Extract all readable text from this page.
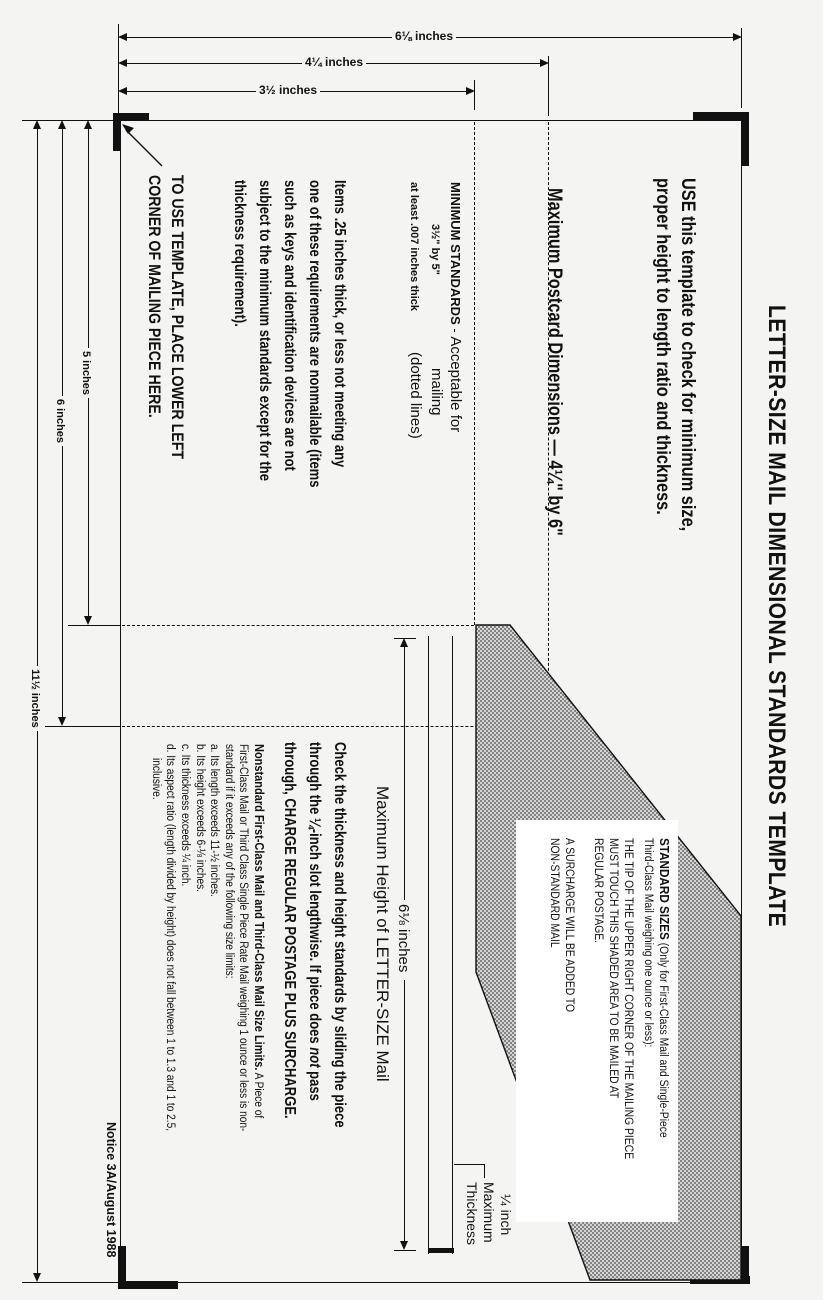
6⅛ inches
4¼ inches
3½ inches
5 inches
6 inches
11½ inches	LETTER-SIZE MAIL DIMENSIONAL STANDARDS TEMPLATE
USE this template to check for minimum size,
proper height to length ratio and thickness.
Maximum Postcard Dimensions — 4¼" by 6"
MINIMUM STANDARDS - Acceptable for
3½" by 5"mailing
at least .007 inches thick(dotted lines)
Items .25 inches thick, or less not meeting any
one of these requirements are nonmailable (items
such as keys and identification devices are not
subject to the minimum standards except for the
thickness requirement).
TO USE TEMPLATE, PLACE LOWER LEFT
CORNER OF MAILING PIECE HERE.
STANDARD SIZES (Only for First-Class Mail and Single-Piece
Third-Class Mail weighing one ounce or less):
THE TIP OF THE UPPER RIGHT CORNER OF THE MAILING PIECE
MUST TOUCH THIS SHADED AREA TO BE MAILED AT
REGULAR POSTAGE.
A SURCHARGE WILL BE ADDED TO
NON-STANDARD MAIL
6⅛ inches
Maximum Height of LETTER-SIZE Mail
¼ inch
Maximum
Thickness
Check the thickness and height standards by sliding the piece
through the ¼-inch slot lengthwise. If piece does not pass
through, CHARGE REGULAR POSTAGE PLUS SURCHARGE.
Nonstandard First-Class Mail and Third-Class Mail Size Limits. A Piece of
First-Class Mail or Third Class Single Piece Rate Mail weighing 1 ounce or less is non-
standard if it exceeds any of the following size limits:
a. Its length exceeds 11-½ inches.
b. Its height exceeds 6-⅛ inches.
c. Its thickness exceeds ¼ inch.
d. Its aspect ratio (length divided by height) does not fall between 1 to 1.3 and 1 to 2.5,
inclusive.
Notice 3A/August 1988
